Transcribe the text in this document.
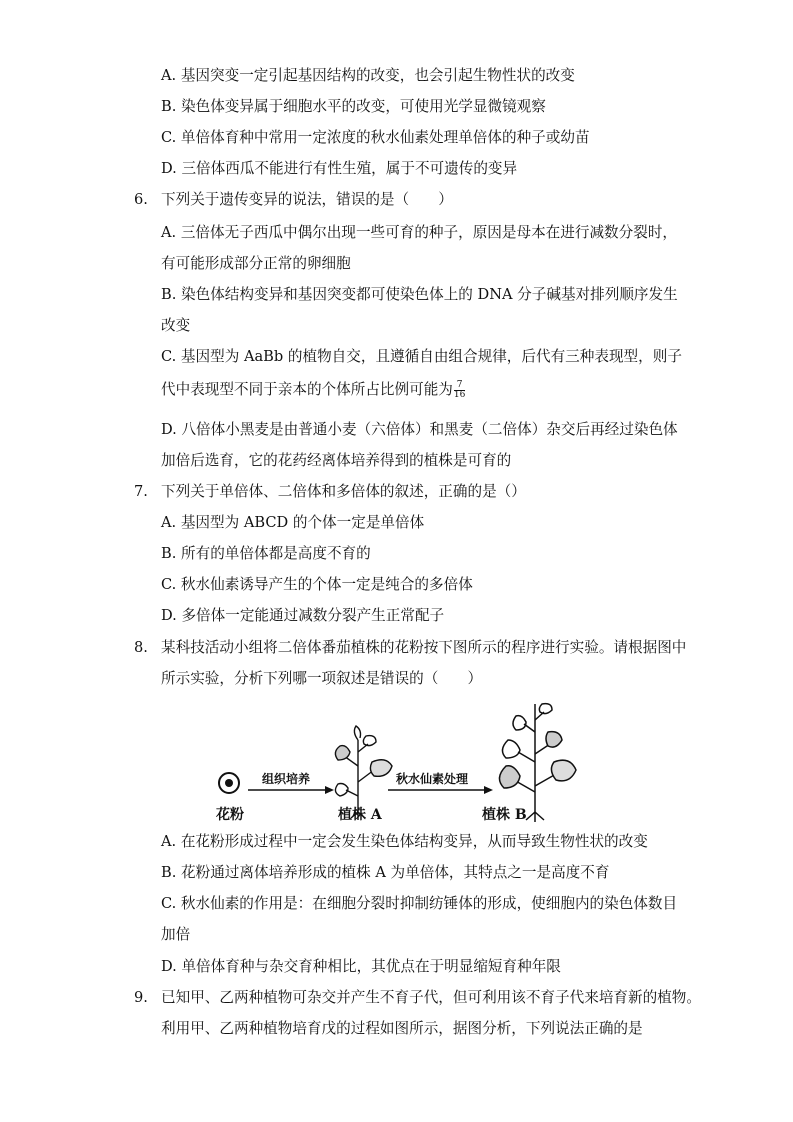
A. 基因突变一定引起基因结构的改变，也会引起生物性状的改变
B. 染色体变异属于细胞水平的改变，可使用光学显微镜观察
C. 单倍体育种中常用一定浓度的秋水仙素处理单倍体的种子或幼苗
D. 三倍体西瓜不能进行有性生殖，属于不可遗传的变异
6. 下列关于遗传变异的说法，错误的是（　　）
A. 三倍体无子西瓜中偶尔出现一些可育的种子，原因是母本在进行减数分裂时，
有可能形成部分正常的卵细胞
B. 染色体结构变异和基因突变都可使染色体上的 DNA 分子碱基对排列顺序发生
改变
C. 基因型为 AaBb 的植物自交，且遵循自由组合规律，后代有三种表现型，则子
代中表现型不同于亲本的个体所占比例可能为 $\frac{7}{16}$
D. 八倍体小黑麦是由普通小麦（六倍体）和黑麦（二倍体）杂交后再经过染色体
加倍后选育，它的花药经离体培养得到的植株是可育的
7. 下列关于单倍体、二倍体和多倍体的叙述，正确的是（）
A. 基因型为 ABCD 的个体一定是单倍体
B. 所有的单倍体都是高度不育的
C. 秋水仙素诱导产生的个体一定是纯合的多倍体
D. 多倍体一定能通过减数分裂产生正常配子
8. 某科技活动小组将二倍体番茄植株的花粉按下图所示的程序进行实验。请根据图中
所示实验，分析下列哪一项叙述是错误的（　　）
花粉
组织培养
植株 A
秋水仙素处理
植株 B
A. 在花粉形成过程中一定会发生染色体结构变异，从而导致生物性状的改变
B. 花粉通过离体培养形成的植株 A 为单倍体，其特点之一是高度不育
C. 秋水仙素的作用是：在细胞分裂时抑制纺锤体的形成，使细胞内的染色体数目
加倍
D. 单倍体育种与杂交育种相比，其优点在于明显缩短育种年限
9. 已知甲、乙两种植物可杂交并产生不育子代，但可利用该不育子代来培育新的植物。
利用甲、乙两种植物培育戊的过程如图所示，据图分析，下列说法正确的是
